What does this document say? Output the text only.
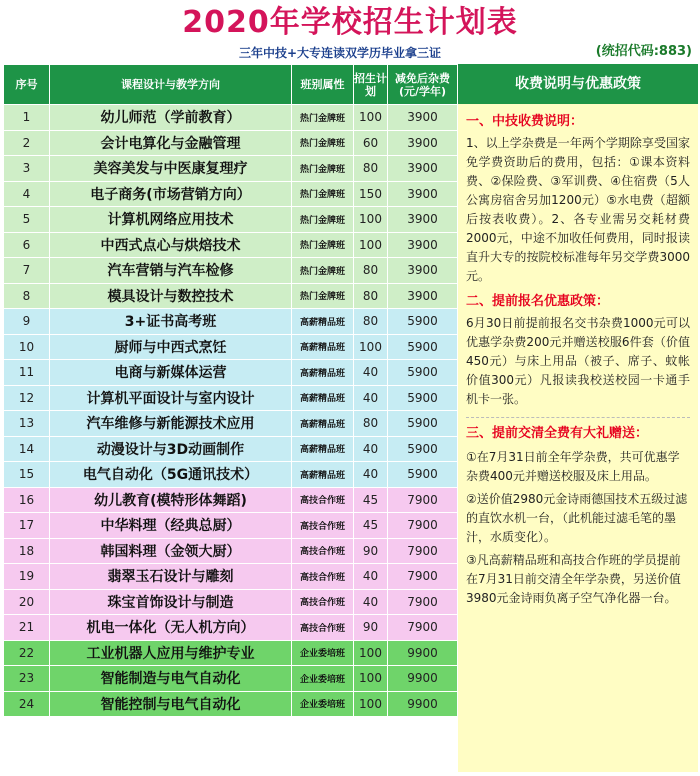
2020年学校招生计划表
三年中技+大专连读双学历毕业拿三证	(统招代码:883)
序号	课程设计与教学方向	班别属性	招生计划	减免后杂费(元/学年)
1	幼儿师范（学前教育）	热门金牌班	100	3900
2	会计电算化与金融管理	热门金牌班	60	3900
3	美容美发与中医康复理疗	热门金牌班	80	3900
4	电子商务(市场营销方向）	热门金牌班	150	3900
5	计算机网络应用技术	热门金牌班	100	3900
6	中西式点心与烘焙技术	热门金牌班	100	3900
7	汽车营销与汽车检修	热门金牌班	80	3900
8	模具设计与数控技术	热门金牌班	80	3900
9	3+证书高考班	高薪精品班	80	5900
10	厨师与中西式烹饪	高薪精品班	100	5900
11	电商与新媒体运营	高薪精品班	40	5900
12	计算机平面设计与室内设计	高薪精品班	40	5900
13	汽车维修与新能源技术应用	高薪精品班	80	5900
14	动漫设计与3D动画制作	高薪精品班	40	5900
15	电气自动化（5G通讯技术）	高薪精品班	40	5900
16	幼儿教育(模特形体舞蹈)	高技合作班	45	7900
17	中华料理（经典总厨）	高技合作班	45	7900
18	韩国料理（金领大厨）	高技合作班	90	7900
19	翡翠玉石设计与雕刻	高技合作班	40	7900
20	珠宝首饰设计与制造	高技合作班	40	7900
21	机电一体化（无人机方向）	高技合作班	90	7900
22	工业机器人应用与维护专业	企业委培班	100	9900
23	智能制造与电气自动化	企业委培班	100	9900
24	智能控制与电气自动化	企业委培班	100	9900
收费说明与优惠政策
一、中技收费说明：
1、以上学杂费是一年两个学期除享受国家免学费资助后的费用，包括：①课本资料费、②保险费、③军训费、④住宿费（5人公寓房宿舍另加1200元）⑤水电费（超额后按表收费）。2、各专业需另交耗材费2000元，中途不加收任何费用，同时报读直升大专的按院校标准每年另交学费3000元。
二、提前报名优惠政策：
6月30日前提前报名交书杂费1000元可以优惠学杂费200元并赠送校服6件套（价值450元）与床上用品（被子、席子、蚊帐价值300元）凡报读我校送校园一卡通手机卡一张。
三、提前交清全费有大礼赠送：
①在7月31日前全年学杂费，共可优惠学杂费400元并赠送校服及床上用品。
②送价值2980元金诗雨德国技术五级过滤的直饮水机一台，（此机能过滤毛笔的墨汁，水质变化）。
③凡高薪精品班和高技合作班的学员提前在7月31日前交清全年学杂费，另送价值3980元金诗雨负离子空气净化器一台。
